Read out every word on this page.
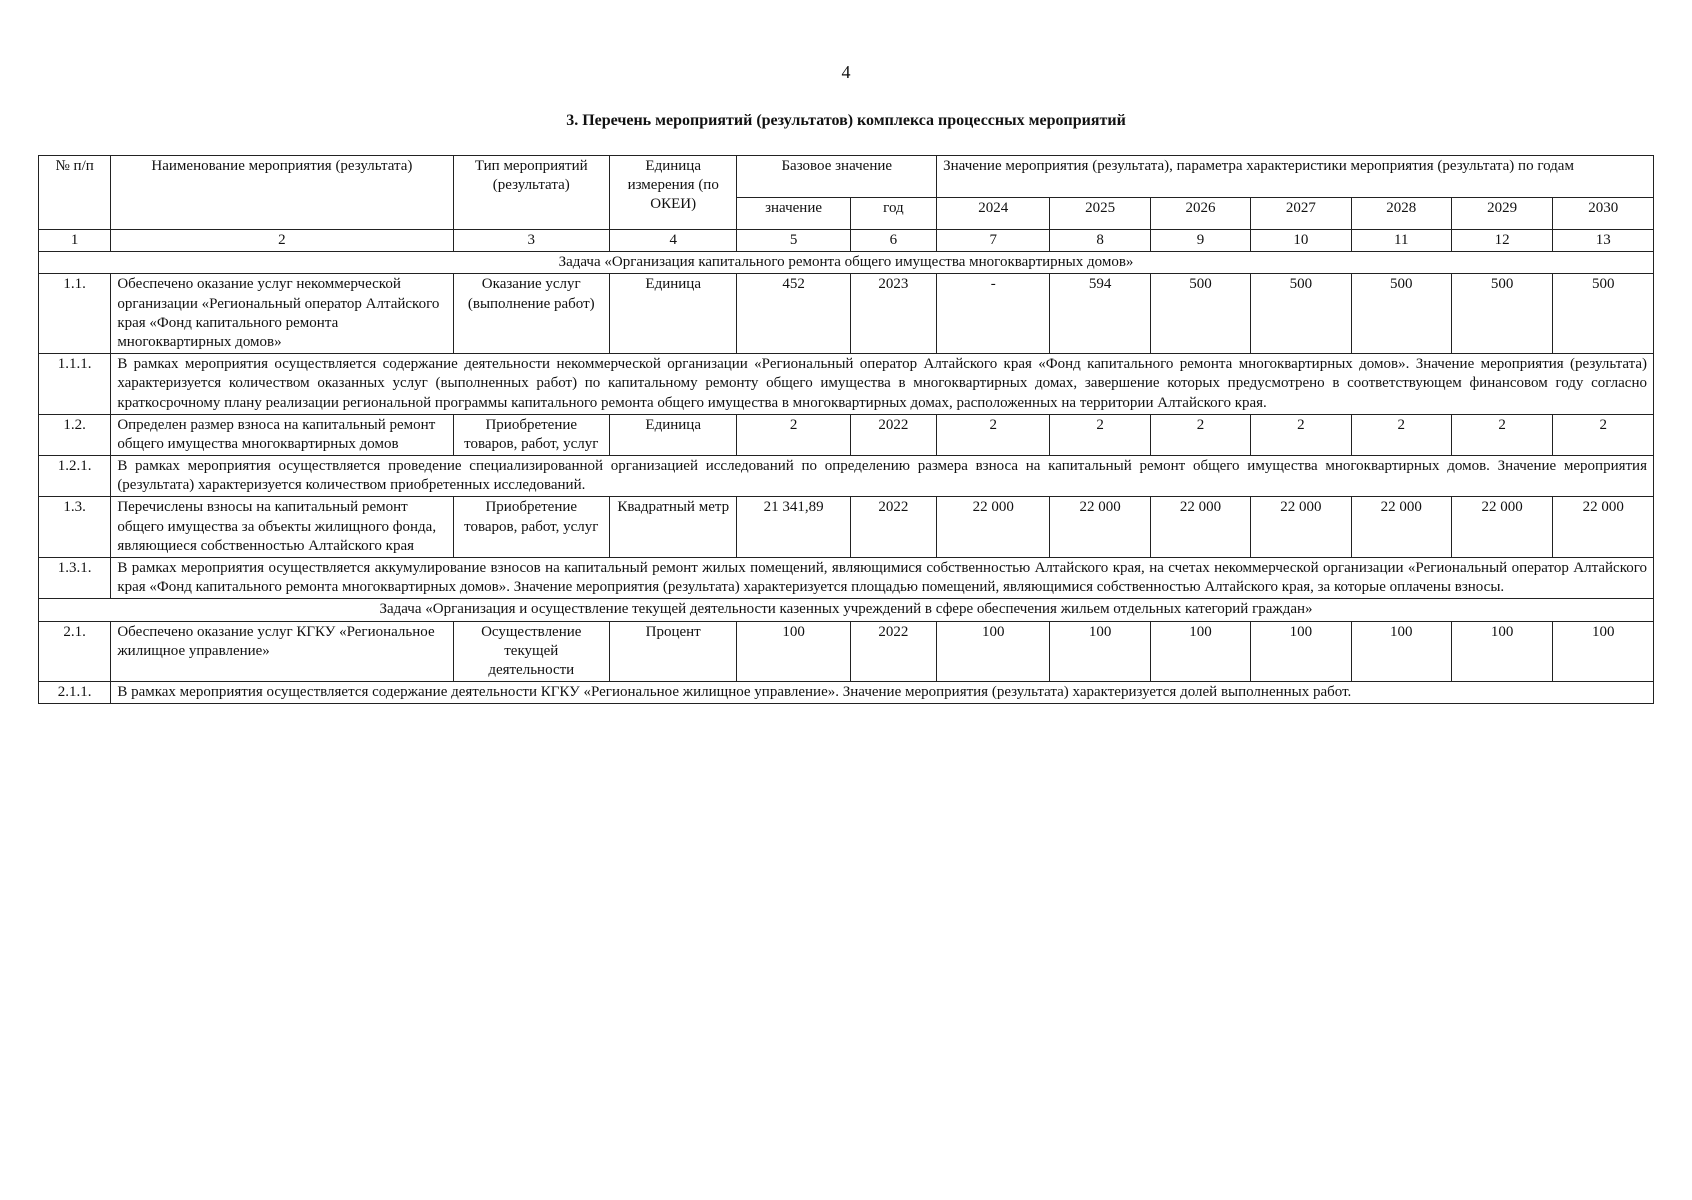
4
3. Перечень мероприятий (результатов) комплекса процессных мероприятий
№ п/п	Наименование мероприятия (результата)	Тип мероприятий (результата)	Единица измерения (по ОКЕИ)	Базовое значение		Значение мероприятия (результата), параметра характеристики мероприятия (результата) по годам						
				значение	год	2024	2025	2026	2027	2028	2029	2030
1	2	3	4	5	6	7	8	9	10	11	12	13
Задача «Организация капитального ремонта общего имущества многоквартирных домов»												
1.1.	Обеспечено оказание услуг некоммерческой организации «Региональный оператор Алтайского края «Фонд капитального ремонта многоквартирных домов»	Оказание услуг (выполнение работ)	Единица	452	2023	-	594	500	500	500	500	500
1.1.1.	В рамках мероприятия осуществляется содержание деятельности некоммерческой организации «Региональный оператор Алтайского края «Фонд капитального ремонта многоквартирных домов». Значение мероприятия (результата) характеризуется количеством оказанных услуг (выполненных работ) по капитальному ремонту общего имущества в многоквартирных домах, завершение которых предусмотрено в соответствующем финансовом году согласно краткосрочному плану реализации региональной программы капитального ремонта общего имущества в многоквартирных домах, расположенных на территории Алтайского края.											
1.2.	Определен размер взноса на капитальный ремонт общего имущества многоквартирных домов	Приобретение товаров, работ, услуг	Единица	2	2022	2	2	2	2	2	2	2
1.2.1.	В рамках мероприятия осуществляется проведение специализированной организацией исследований по определению размера взноса на капитальный ремонт общего имущества многоквартирных домов. Значение мероприятия (результата) характеризуется количеством приобретенных исследований.											
1.3.	Перечислены взносы на капитальный ремонт общего имущества за объекты жилищного фонда, являющиеся собственностью Алтайского края	Приобретение товаров, работ, услуг	Квадратный метр	21 341,89	2022	22 000	22 000	22 000	22 000	22 000	22 000	22 000
1.3.1.	В рамках мероприятия осуществляется аккумулирование взносов на капитальный ремонт жилых помещений, являющимися собственностью Алтайского края, на счетах некоммерческой организации «Региональный оператор Алтайского края «Фонд капитального ремонта многоквартирных домов». Значение мероприятия (результата) характеризуется площадью помещений, являющимися собственностью Алтайского края, за которые оплачены взносы.											
Задача «Организация и осуществление текущей деятельности казенных учреждений в сфере обеспечения жильем отдельных категорий граждан»												
2.1.	Обеспечено оказание услуг КГКУ «Региональное жилищное управление»	Осуществление текущей деятельности	Процент	100	2022	100	100	100	100	100	100	100
2.1.1.	В рамках мероприятия осуществляется содержание деятельности КГКУ «Региональное жилищное управление». Значение мероприятия (результата) характеризуется долей выполненных работ.											
